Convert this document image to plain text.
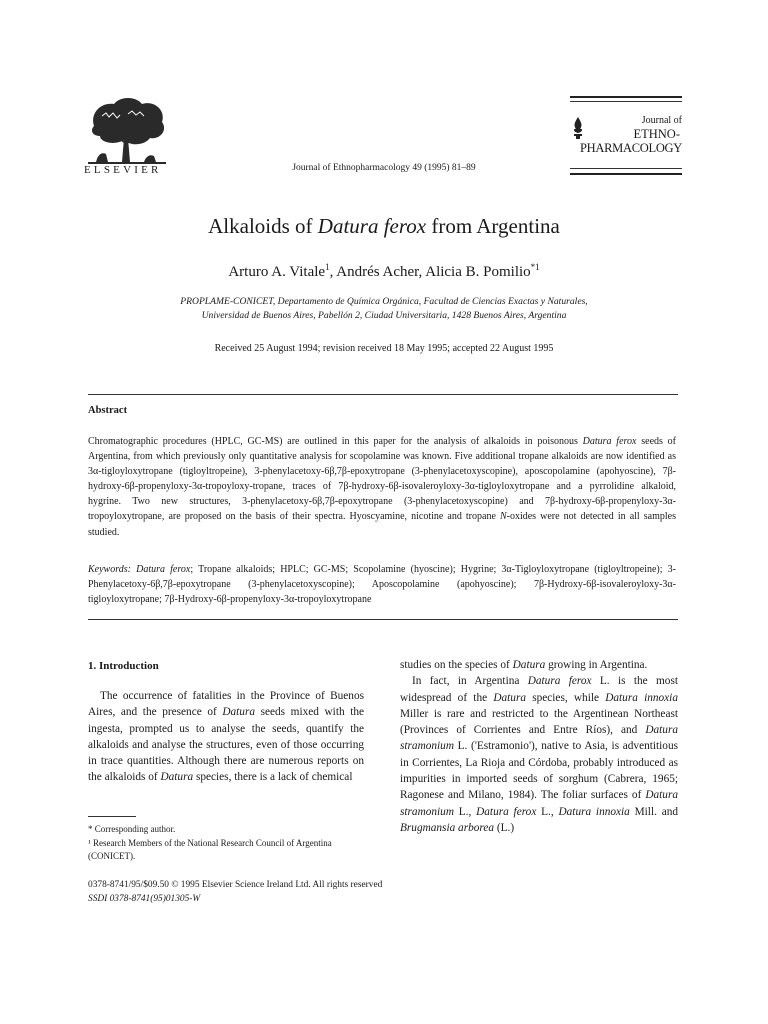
ELSEVIER	Journal of Ethnopharmacology 49 (1995) 81–89
Journal of
ETHNO-
PHARMACOLOGY
Alkaloids of Datura ferox from Argentina
Arturo A. Vitale$^1$, Andrés Acher, Alicia B. Pomilio$^{*1}$
PROPLAME-CONICET, Departamento de Química Orgánica, Facultad de Ciencias Exactas y Naturales,
Universidad de Buenos Aires, Pabellón 2, Ciudad Universitaria, 1428 Buenos Aires, Argentina
Received 25 August 1994; revision received 18 May 1995; accepted 22 August 1995
Abstract
Chromatographic procedures (HPLC, GC-MS) are outlined in this paper for the analysis of alkaloids in poisonous Datura ferox seeds of Argentina, from which previously only quantitative analysis for scopolamine was known. Five additional tropane alkaloids are now identified as 3α-tigloyloxytropane (tigloyltropeine), 3-phenylacetoxy-6β,7β-epoxytropane (3-phenylacetoxyscopine), aposcopolamine (apohyoscine), 7β-hydroxy-6β-propenyloxy-3α-tropoyloxy-tropane, traces of 7β-hydroxy-6β-isovaleroyloxy-3α-tigloyloxytropane and a pyrrolidine alkaloid, hygrine. Two new structures, 3-phenylacetoxy-6β,7β-epoxytropane (3-phenylacetoxyscopine) and 7β-hydroxy-6β-propenyloxy-3α-tropoyloxytropane, are proposed on the basis of their spectra. Hyoscyamine, nicotine and tropane N-oxides were not detected in all samples studied.
Keywords: Datura ferox; Tropane alkaloids; HPLC; GC-MS; Scopolamine (hyoscine); Hygrine; 3α-Tigloyloxytropane (tigloyltropeine); 3-Phenylacetoxy-6β,7β-epoxytropane (3-phenylacetoxyscopine); Aposcopolamine (apohyoscine); 7β-Hydroxy-6β-isovaleroyloxy-3α-tigloyloxytropane; 7β-Hydroxy-6β-propenyloxy-3α-tropoyloxytropane
1. Introduction
The occurrence of fatalities in the Province of Buenos Aires, and the presence of Datura seeds mixed with the ingesta, prompted us to analyse the seeds, quantify the alkaloids and analyse the structures, even of those occurring in trace quantities. Although there are numerous reports on the alkaloids of Datura species, there is a lack of chemical
studies on the species of Datura growing in Argentina.
In fact, in Argentina Datura ferox L. is the most widespread of the Datura species, while Datura innoxia Miller is rare and restricted to the Argentinean Northeast (Provinces of Corrientes and Entre Ríos), and Datura stramonium L. ('Estramonio'), native to Asia, is adventitious in Corrientes, La Rioja and Córdoba, probably introduced as impurities in imported seeds of sorghum (Cabrera, 1965; Ragonese and Milano, 1984). The foliar surfaces of Datura stramonium L., Datura ferox L., Datura innoxia Mill. and Brugmansia arborea (L.)
* Corresponding author.
¹ Research Members of the National Research Council of Argentina (CONICET).
0378-8741/95/$09.50 © 1995 Elsevier Science Ireland Ltd. All rights reserved
SSDI 0378-8741(95)01305-W
